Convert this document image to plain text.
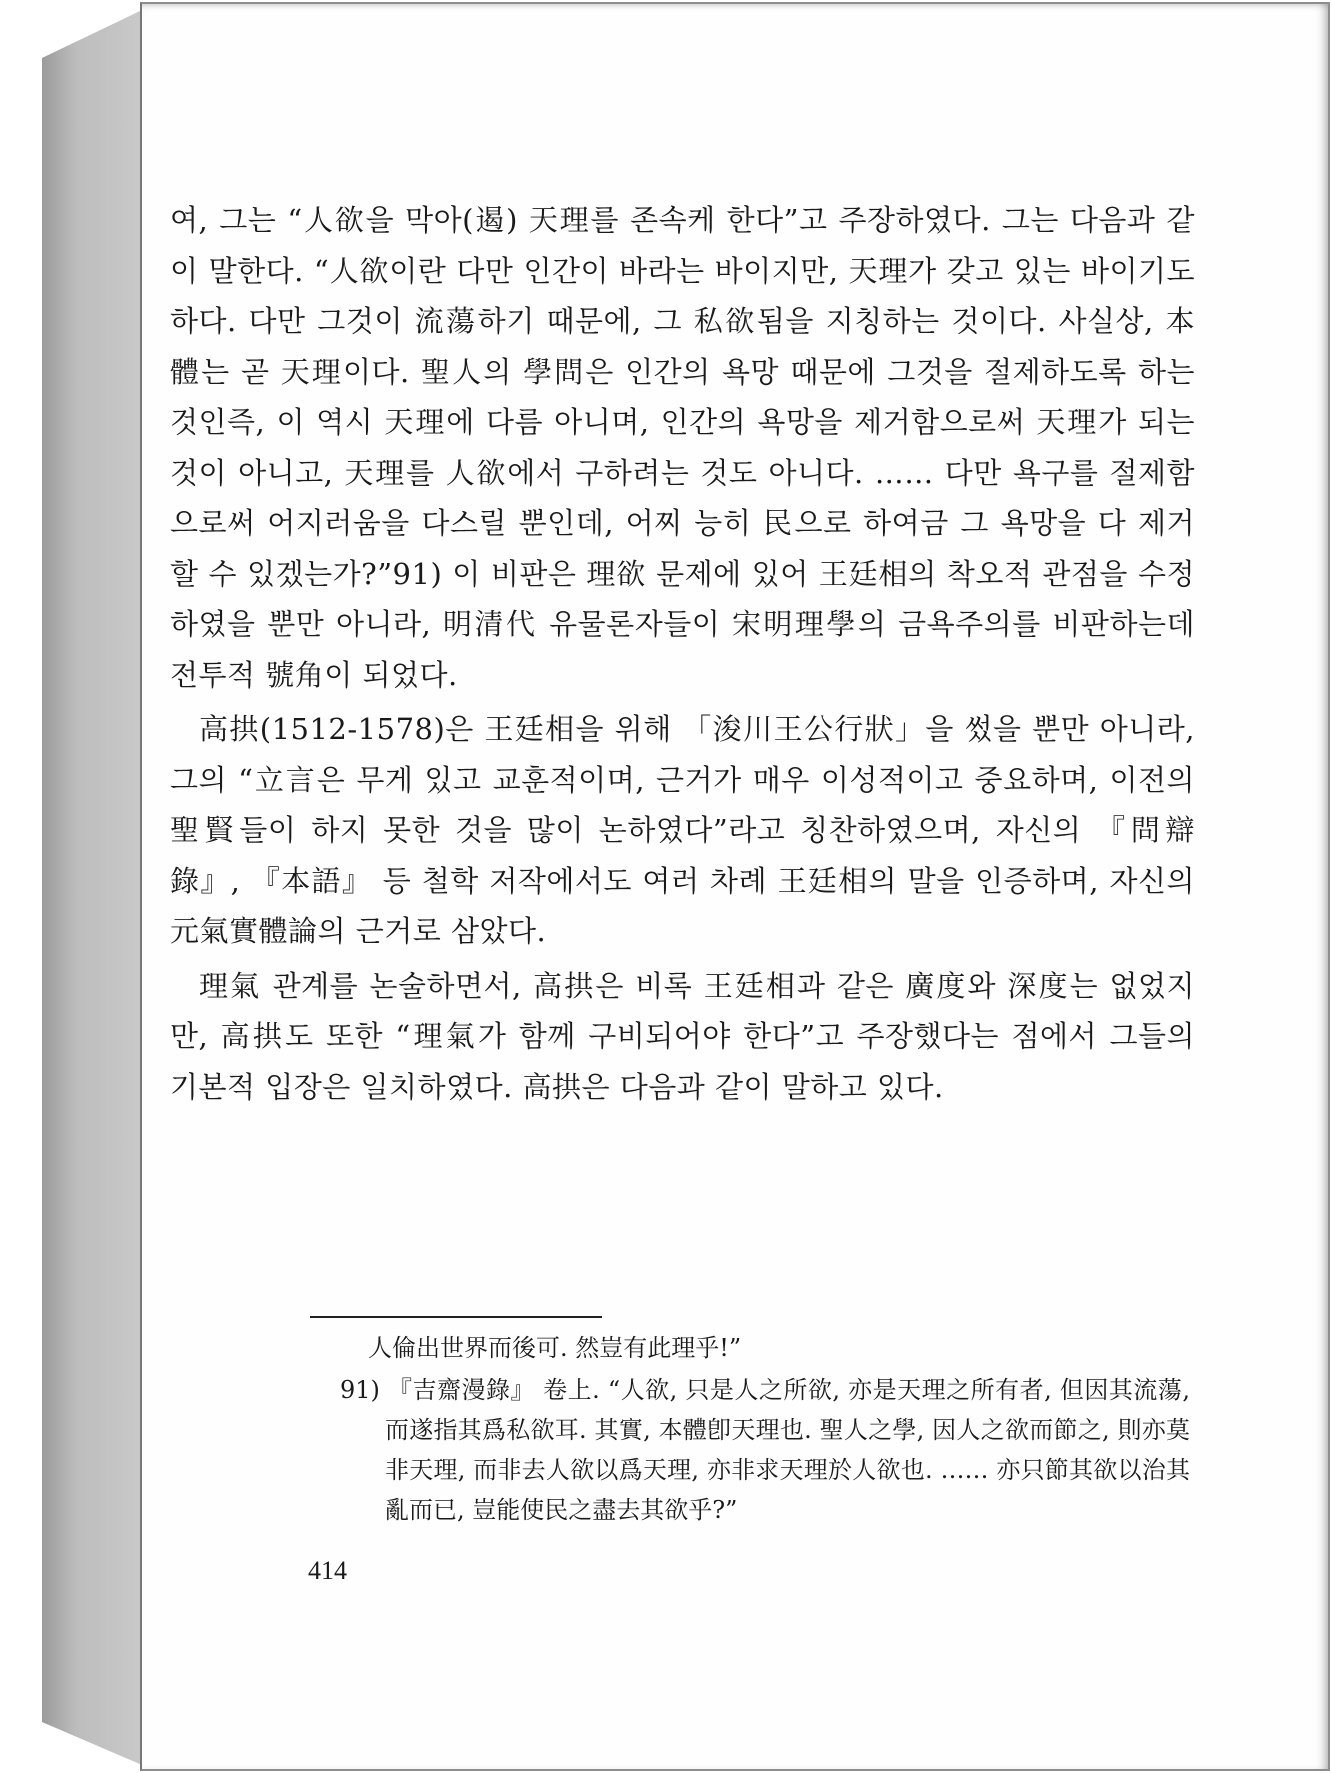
여, 그는 “人欲을 막아(遏) 天理를 존속케 한다”고 주장하였다. 그는 다음과 같이 말한다. “人欲이란 다만 인간이 바라는 바이지만, 天理가 갖고 있는 바이기도 하다. 다만 그것이 流蕩하기 때문에, 그 私欲됨을 지칭하는 것이다. 사실상, 本體는 곧 天理이다. 聖人의 學問은 인간의 욕망 때문에 그것을 절제하도록 하는 것인즉, 이 역시 天理에 다름 아니며, 인간의 욕망을 제거함으로써 天理가 되는 것이 아니고, 天理를 人欲에서 구하려는 것도 아니다. …… 다만 욕구를 절제함으로써 어지러움을 다스릴 뿐인데, 어찌 능히 民으로 하여금 그 욕망을 다 제거할 수 있겠는가?”91) 이 비판은 理欲 문제에 있어 王廷相의 착오적 관점을 수정하였을 뿐만 아니라, 明清代 유물론자들이 宋明理學의 금욕주의를 비판하는데 전투적 號角이 되었다.

高拱(1512-1578)은 王廷相을 위해 「浚川王公行狀」을 썼을 뿐만 아니라, 그의 “立言은 무게 있고 교훈적이며, 근거가 매우 이성적이고 중요하며, 이전의 聖賢들이 하지 못한 것을 많이 논하였다”라고 칭찬하였으며, 자신의 『問辯錄』, 『本語』 등 철학 저작에서도 여러 차례 王廷相의 말을 인증하며, 자신의 元氣實體論의 근거로 삼았다.

理氣 관계를 논술하면서, 高拱은 비록 王廷相과 같은 廣度와 深度는 없었지만, 高拱도 또한 “理氣가 함께 구비되어야 한다”고 주장했다는 점에서 그들의 기본적 입장은 일치하였다. 高拱은 다음과 같이 말하고 있다.

人倫出世界而後可. 然豈有此理乎!”

91) 『吉齋漫錄』 卷上. “人欲, 只是人之所欲, 亦是天理之所有者, 但因其流蕩, 而遂指其爲私欲耳. 其實, 本體卽天理也. 聖人之學, 因人之欲而節之, 則亦莫非天理, 而非去人欲以爲天理, 亦非求天理於人欲也. …… 亦只節其欲以治其亂而已, 豈能使民之盡去其欲乎?”

414
